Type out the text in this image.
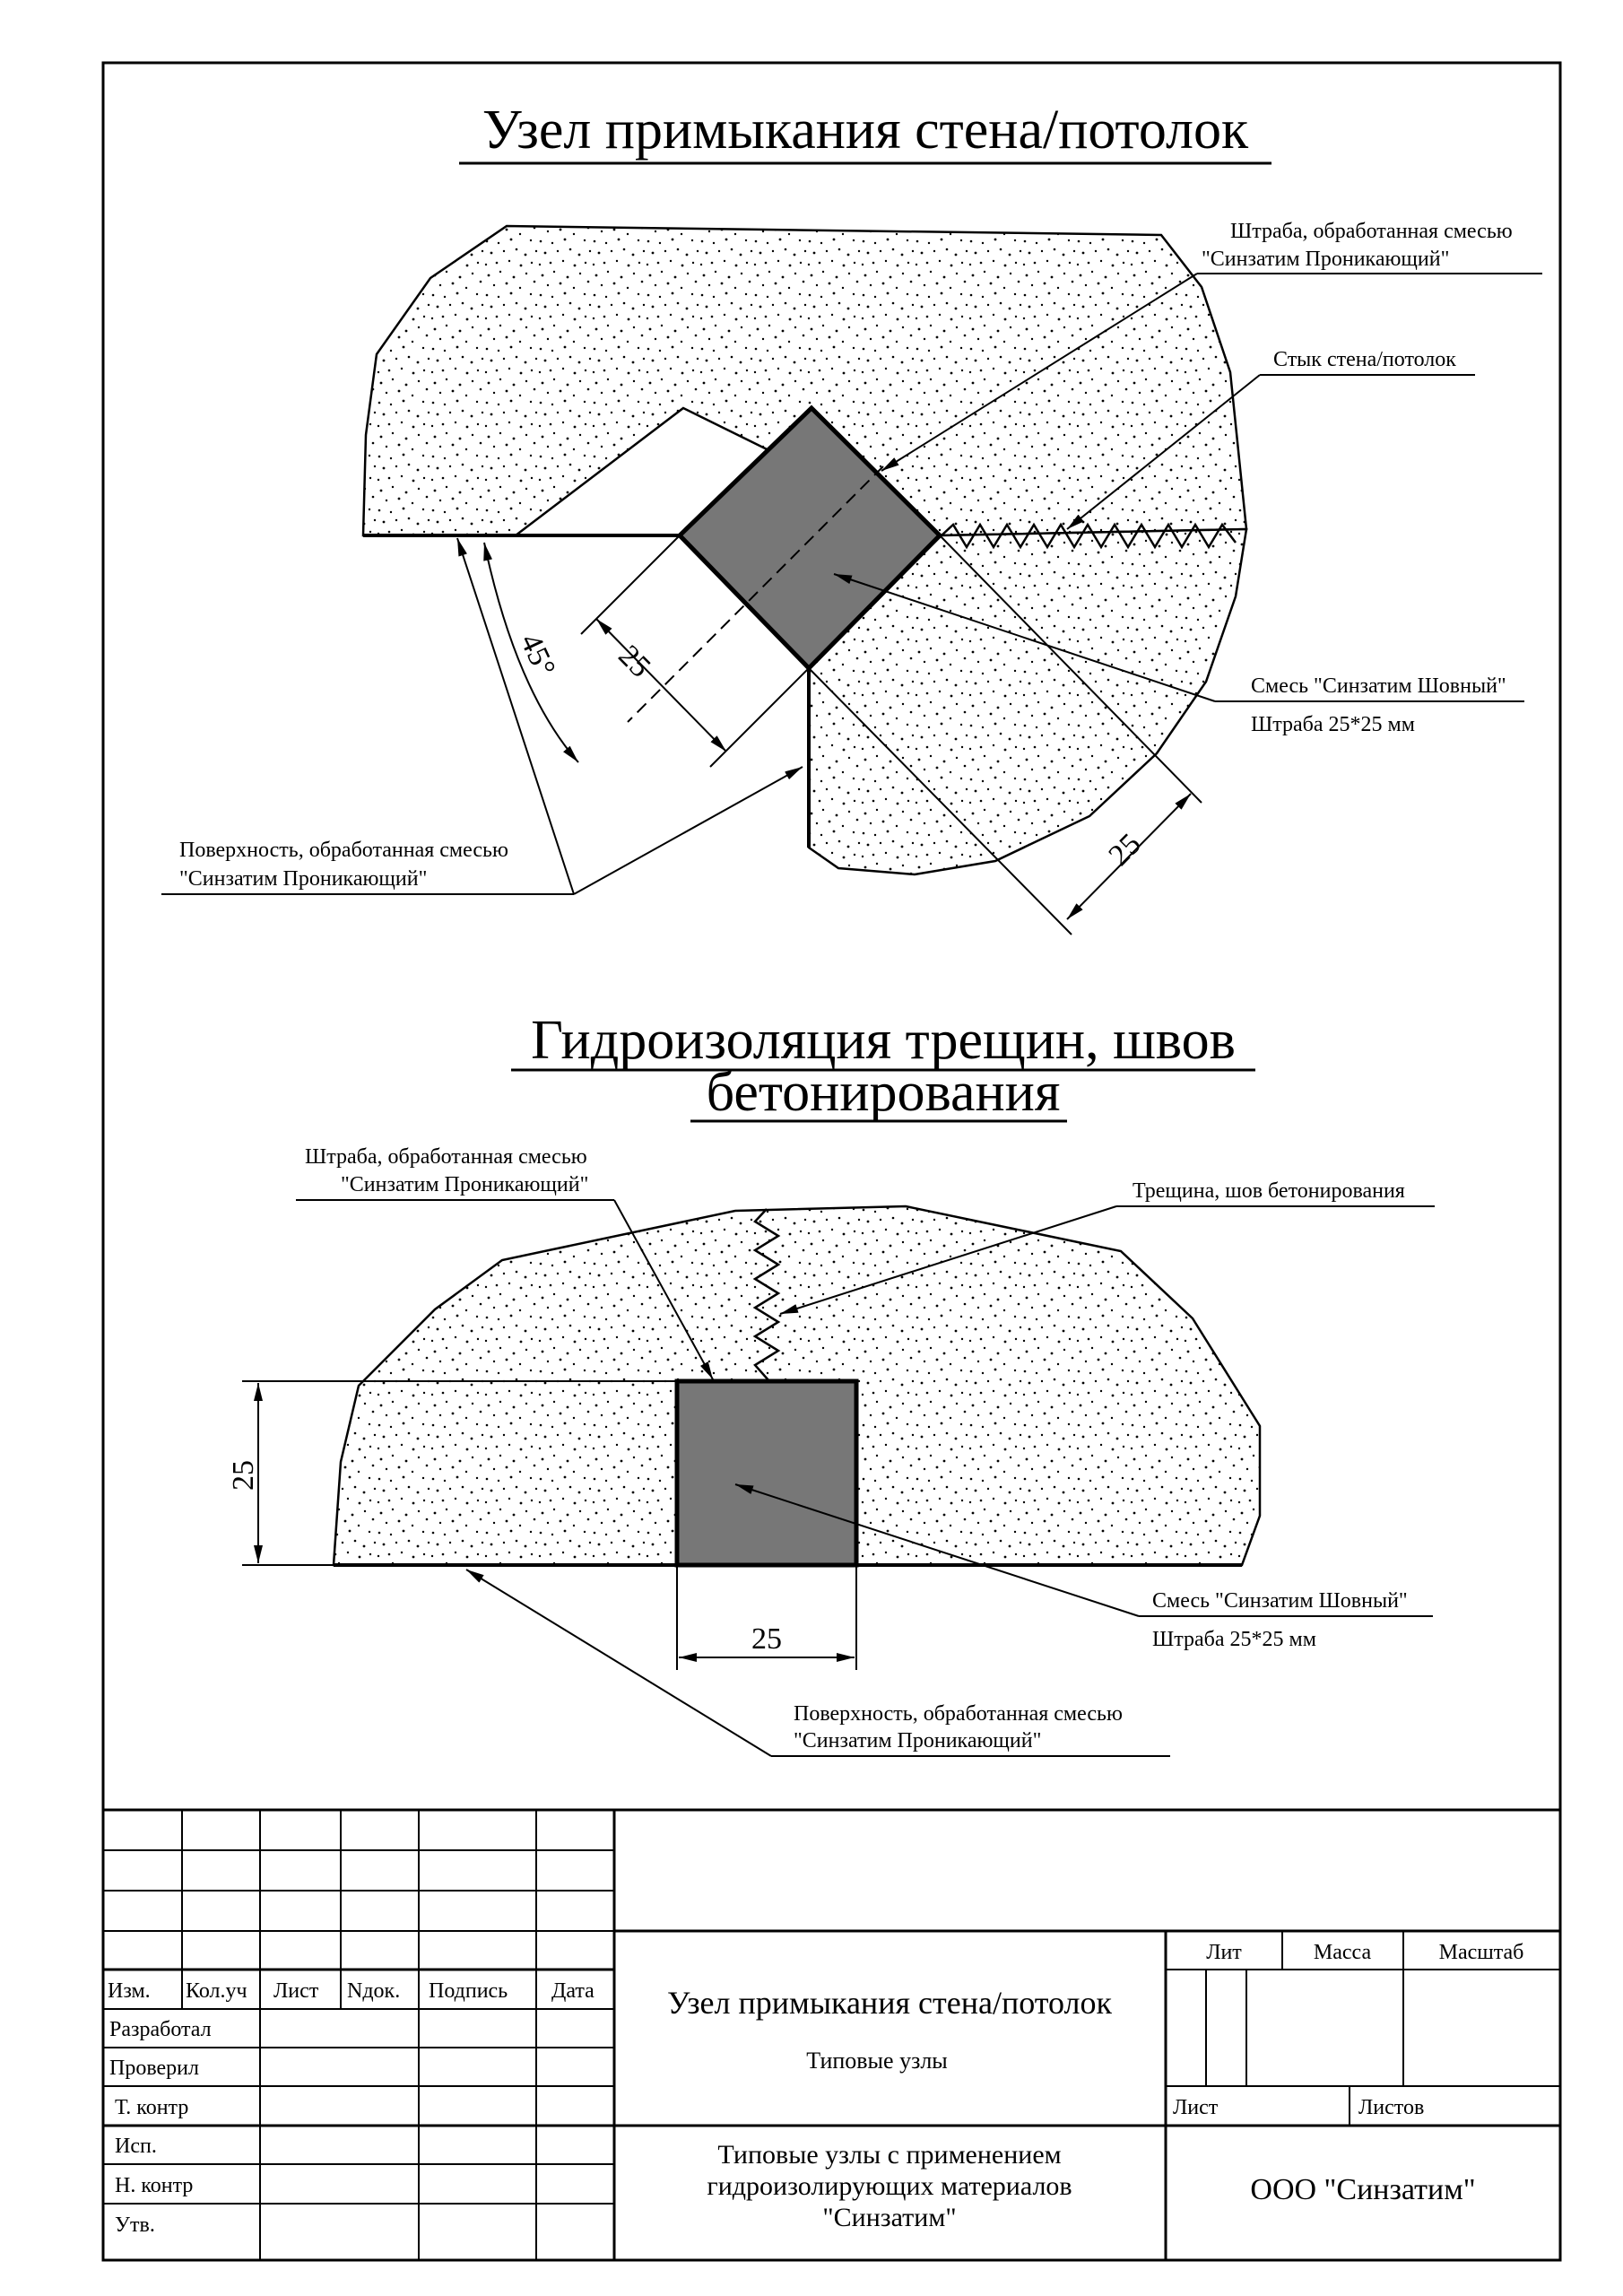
Узел примыкания стена/потолок
25
25
45°
Штраба, обработанная смесью
"Синзатим Проникающий"
Стык стена/потолок
Смесь "Синзатим Шовный"
Штраба 25*25 мм
Поверхность, обработанная смесью
"Синзатим Проникающий"
Гидроизоляция трещин, швов
бетонирования
25
25
Штраба, обработанная смесью
"Синзатим Проникающий"	Трещина, шов бетонирования
Смесь "Синзатим Шовный"
Штраба 25*25 мм
Поверхность, обработанная смесью
"Синзатим Проникающий"
Изм. Кол.уч Лист Nдок. Подпись Дата
Разработал
Проверил
Т. контр
Исп.
Н. контр
Утв.
Узел примыкания стена/потолок
Типовые узлы
Типовые узлы с применением
гидроизолирующих материалов
"Синзатим"
Лит	Масса	Масштаб
Лист	Листов
ООО "Синзатим"
